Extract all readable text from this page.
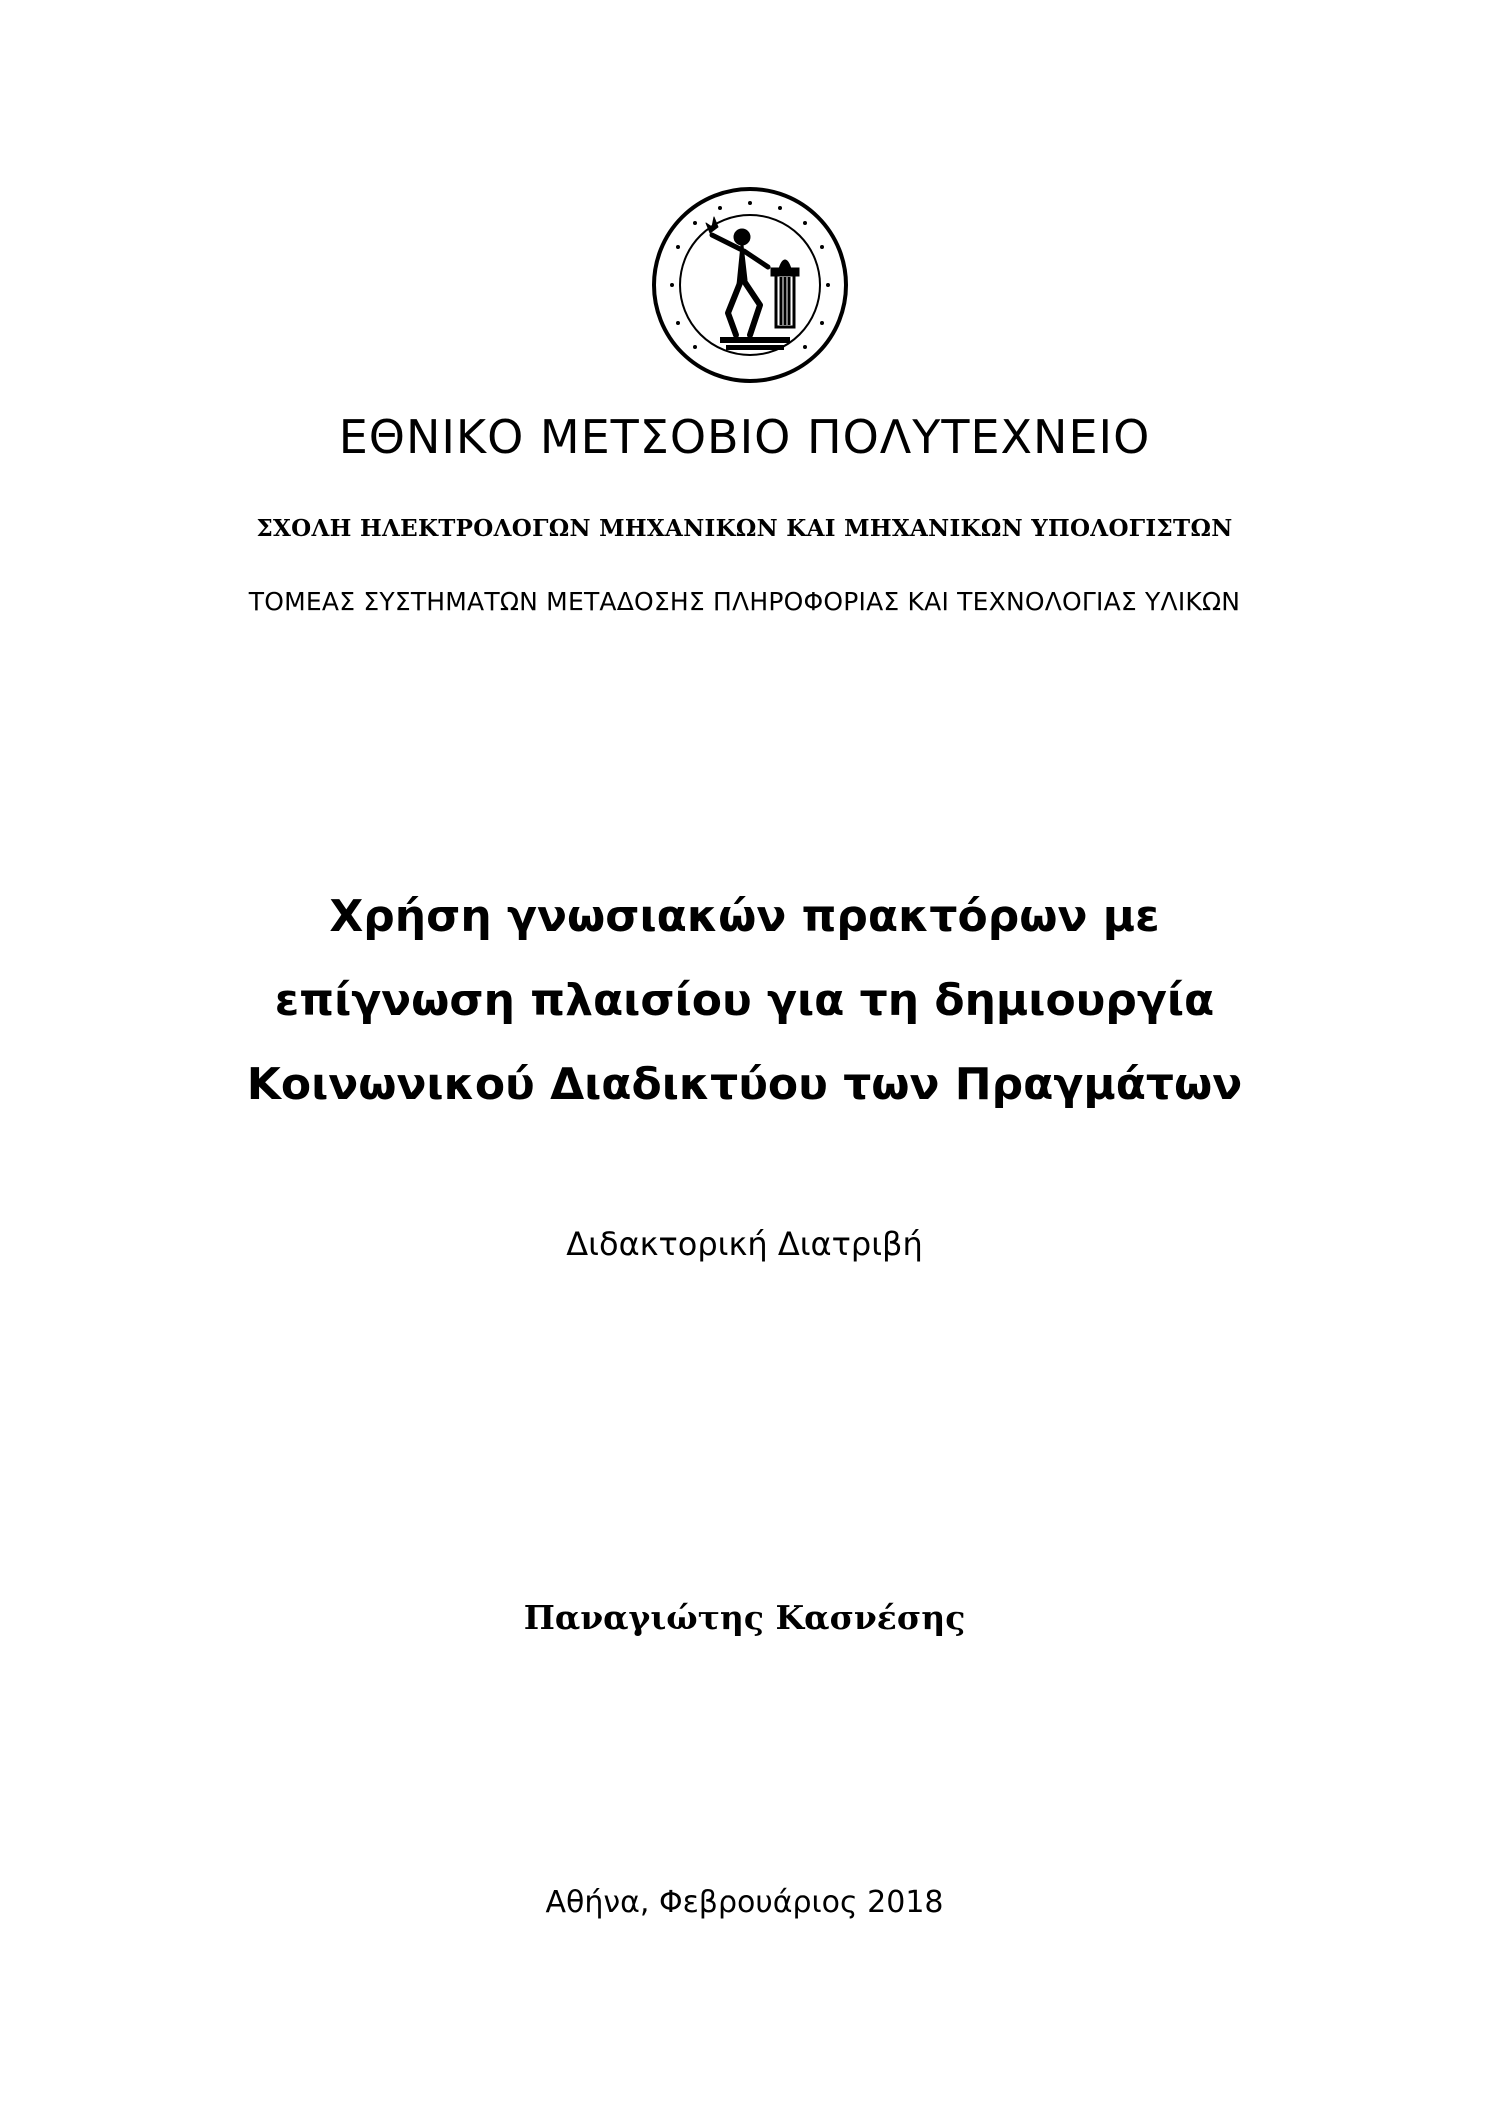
ΕΘΝΙΚΟ ΜΕΤΣΟΒΙΟ ΠΟΛΥΤΕΧΝΕΙΟ
ΣΧΟΛΗ ΗΛΕΚΤΡΟΛΟΓΩΝ ΜΗΧΑΝΙΚΩΝ ΚΑΙ ΜΗΧΑΝΙΚΩΝ ΥΠΟΛΟΓΙΣΤΩΝ
ΤΟΜΕΑΣ ΣΥΣΤΗΜΑΤΩΝ ΜΕΤΑΔΟΣΗΣ ΠΛΗΡΟΦΟΡΙΑΣ ΚΑΙ ΤΕΧΝΟΛΟΓΙΑΣ ΥΛΙΚΩΝ
Χρήση γνωσιακών πρακτόρων με
επίγνωση πλαισίου για τη δημιουργία
Κοινωνικού Διαδικτύου των Πραγμάτων
Διδακτορική Διατριβή
Παναγιώτης Κασνέσης
Αθήνα, Φεβρουάριος 2018
